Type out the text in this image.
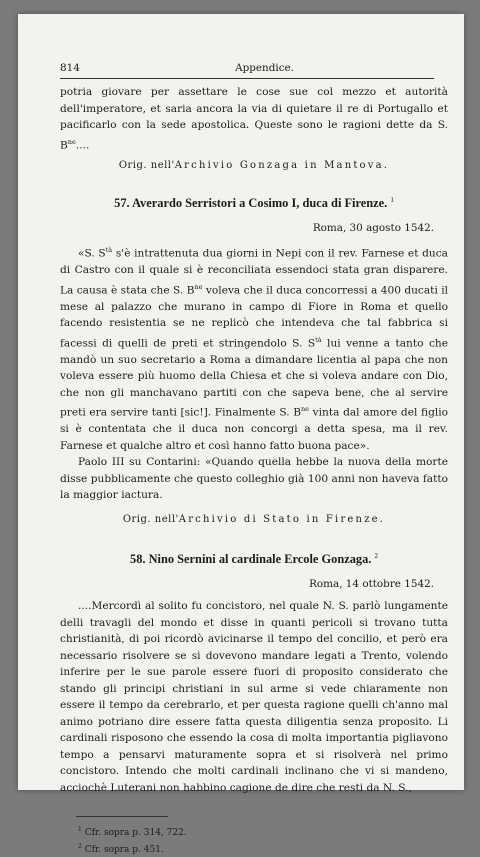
814	Appendice.

potria giovare per assettare le cose sue col mezzo et autorità dell'imperatore, et saria ancora la via di quietare il re di Portugallo et pacificarlo con la sede apostolica. Queste sono le ragioni dette da S. $B^{ne}$....

Orig. nell'Archivio Gonzaga in Mantova.

57. Averardo Serristori a Cosimo I, duca di Firenze. $^1$

Roma, 30 agosto 1542.

«S. $S^{tà}$ s'è intrattenuta dua giorni in Nepi con il rev. Farnese et duca di Castro con il quale si è reconciliata essendoci stata gran disparere. La causa è stata che S. $B^{ne}$ voleva che il duca concorressi a 400 ducati il mese al palazzo che murano in campo di Fiore in Roma et quello facendo resistentia se ne replicò che intendeva che tal fabbrica si facessi di quelli de preti et stringendolo S. $S^{tà}$ lui venne a tanto che mandò un suo secretario a Roma a dimandare licentia al papa che non voleva essere più huomo della Chiesa et che si voleva andare con Dio, che non gli manchavano partiti con che sapeva bene, che al servire preti era servire tanti [sic!]. Finalmente S. $B^{ne}$ vinta dal amore del figlio si è contentata che il duca non concorgi a detta spesa, ma il rev. Farnese et qualche altro et così hanno fatto buona pace».

Paolo III su Contarini: «Quando quella hebbe la nuova della morte disse pubblicamente che questo colleghio già 100 anni non haveva fatto la maggior iactura.

Orig. nell'Archivio di Stato in Firenze.

58. Nino Sernini al cardinale Ercole Gonzaga. $^2$

Roma, 14 ottobre 1542.

....Mercordì al solito fu concistoro, nel quale N. S. parlò lungamente delli travagli del mondo et disse in quanti pericoli si trovano tutta christianità, di poi ricordò avicinarse il tempo del concilio, et però era necessario risolvere se si dovevono mandare legati a Trento, volendo inferire per le sue parole essere fuori di proposito considerato che stando gli principi christiani in sul arme si vede chiaramente non essere il tempo da cerebrarlo, et per questa ragione quelli ch'anno mal animo potriano dire essere fatta questa diligentia senza proposito. Li cardinali risposono che essendo la cosa di molta importantia pigliavono tempo a pensarvi maturamente sopra et si risolverà nel primo concistoro. Intendo che molti cardinali inclinano che vi si mandeno, acciochè Luterani non habbino cagione de dire che resti da N. S.,

$^1$ Cfr. sopra p. 314, 722.
$^2$ Cfr. sopra p. 451.
